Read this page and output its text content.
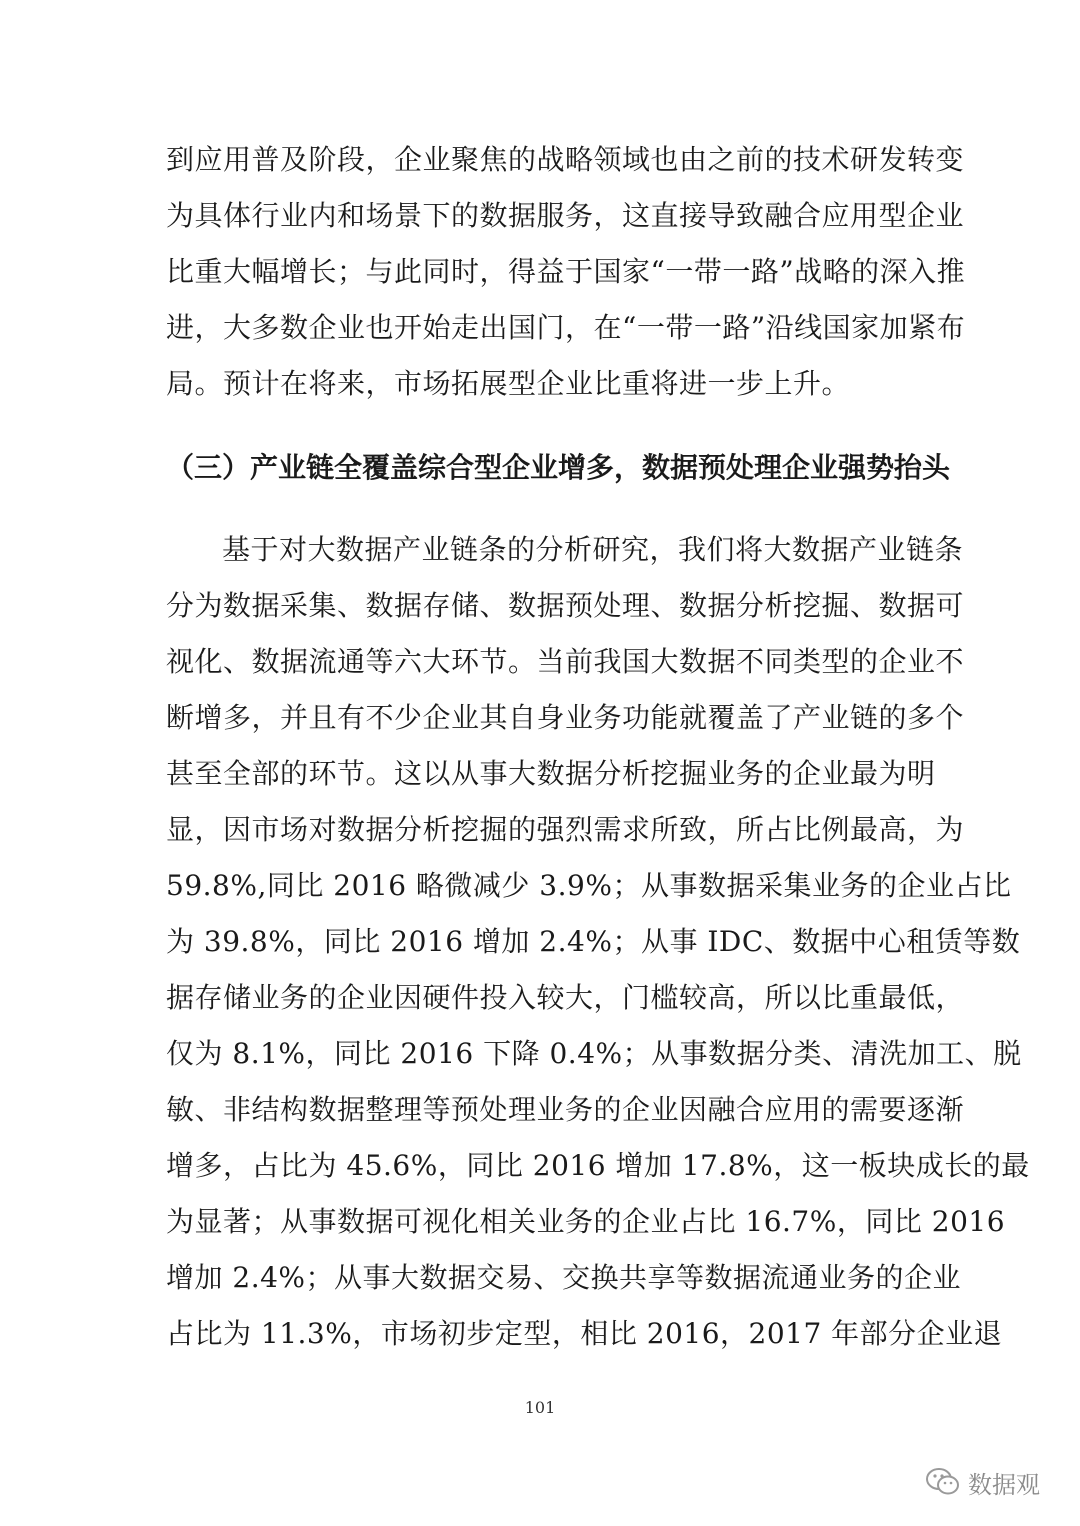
到应用普及阶段，企业聚焦的战略领域也由之前的技术研发转变
为具体行业内和场景下的数据服务，这直接导致融合应用型企业
比重大幅增长；与此同时，得益于国家“一带一路”战略的深入推
进，大多数企业也开始走出国门，在“一带一路”沿线国家加紧布
局。预计在将来，市场拓展型企业比重将进一步上升。
（三）产业链全覆盖综合型企业增多，数据预处理企业强势抬头
基于对大数据产业链条的分析研究，我们将大数据产业链条
分为数据采集、数据存储、数据预处理、数据分析挖掘、数据可
视化、数据流通等六大环节。当前我国大数据不同类型的企业不
断增多，并且有不少企业其自身业务功能就覆盖了产业链的多个
甚至全部的环节。这以从事大数据分析挖掘业务的企业最为明
显，因市场对数据分析挖掘的强烈需求所致，所占比例最高，为
59.8%,同比 2016 略微减少 3.9%；从事数据采集业务的企业占比
为 39.8%，同比 2016 增加 2.4%；从事 IDC、数据中心租赁等数
据存储业务的企业因硬件投入较大，门槛较高，所以比重最低，
仅为 8.1%，同比 2016 下降 0.4%；从事数据分类、清洗加工、脱
敏、非结构数据整理等预处理业务的企业因融合应用的需要逐渐
增多，占比为 45.6%，同比 2016 增加 17.8%，这一板块成长的最
为显著；从事数据可视化相关业务的企业占比 16.7%，同比 2016
增加 2.4%；从事大数据交易、交换共享等数据流通业务的企业
占比为 11.3%，市场初步定型，相比 2016，2017 年部分企业退
101
数据观
